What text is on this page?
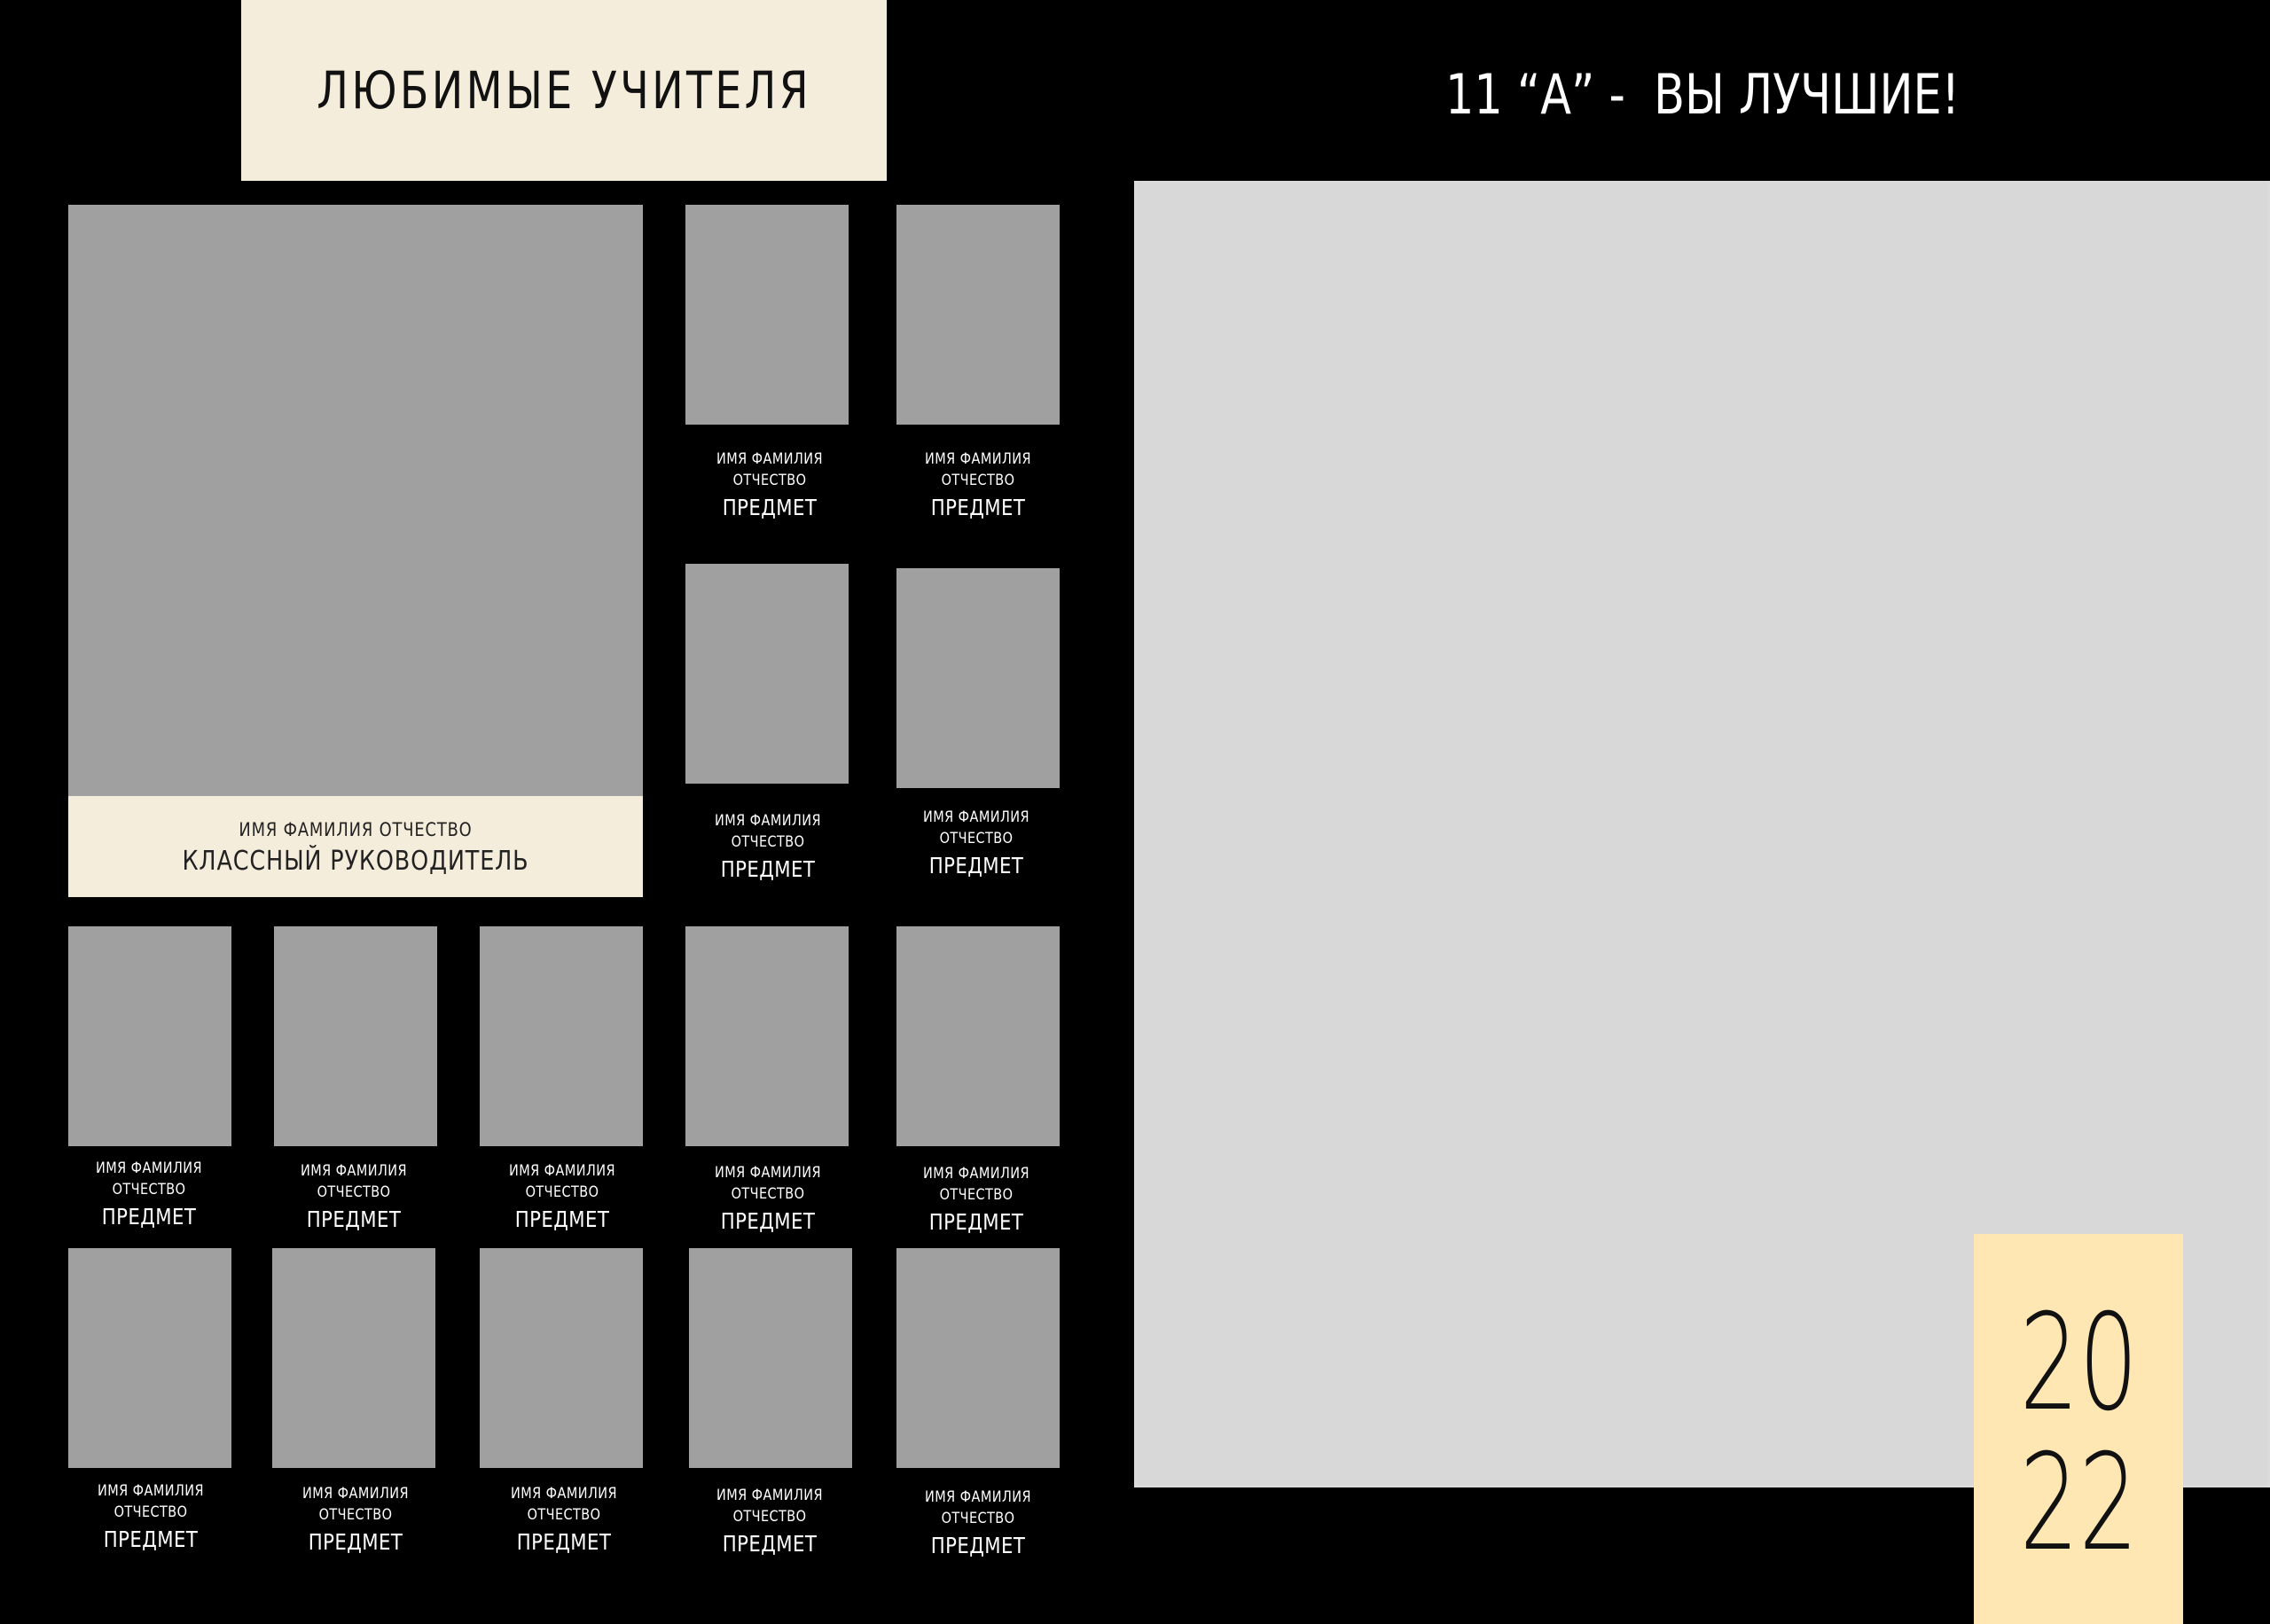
ЛЮБИМЫЕ УЧИТЕЛЯ	11 “А” -  ВЫ ЛУЧШИЕ!
20
22
ИМЯ ФАМИЛИЯ ОТЧЕСТВО
КЛАССНЫЙ РУКОВОДИТЕЛЬ
ИМЯ ФАМИЛИЯ
ОТЧЕСТВО
ПРЕДМЕТ
ИМЯ ФАМИЛИЯ
ОТЧЕСТВО
ПРЕДМЕТ
ИМЯ ФАМИЛИЯ
ОТЧЕСТВО
ПРЕДМЕТ
ИМЯ ФАМИЛИЯ
ОТЧЕСТВО
ПРЕДМЕТ
ИМЯ ФАМИЛИЯ
ОТЧЕСТВО
ПРЕДМЕТ
ИМЯ ФАМИЛИЯ
ОТЧЕСТВО
ПРЕДМЕТ
ИМЯ ФАМИЛИЯ
ОТЧЕСТВО
ПРЕДМЕТ
ИМЯ ФАМИЛИЯ
ОТЧЕСТВО
ПРЕДМЕТ
ИМЯ ФАМИЛИЯ
ОТЧЕСТВО
ПРЕДМЕТ
ИМЯ ФАМИЛИЯ
ОТЧЕСТВО
ПРЕДМЕТ
ИМЯ ФАМИЛИЯ
ОТЧЕСТВО
ПРЕДМЕТ
ИМЯ ФАМИЛИЯ
ОТЧЕСТВО
ПРЕДМЕТ
ИМЯ ФАМИЛИЯ
ОТЧЕСТВО
ПРЕДМЕТ
ИМЯ ФАМИЛИЯ
ОТЧЕСТВО
ПРЕДМЕТ
